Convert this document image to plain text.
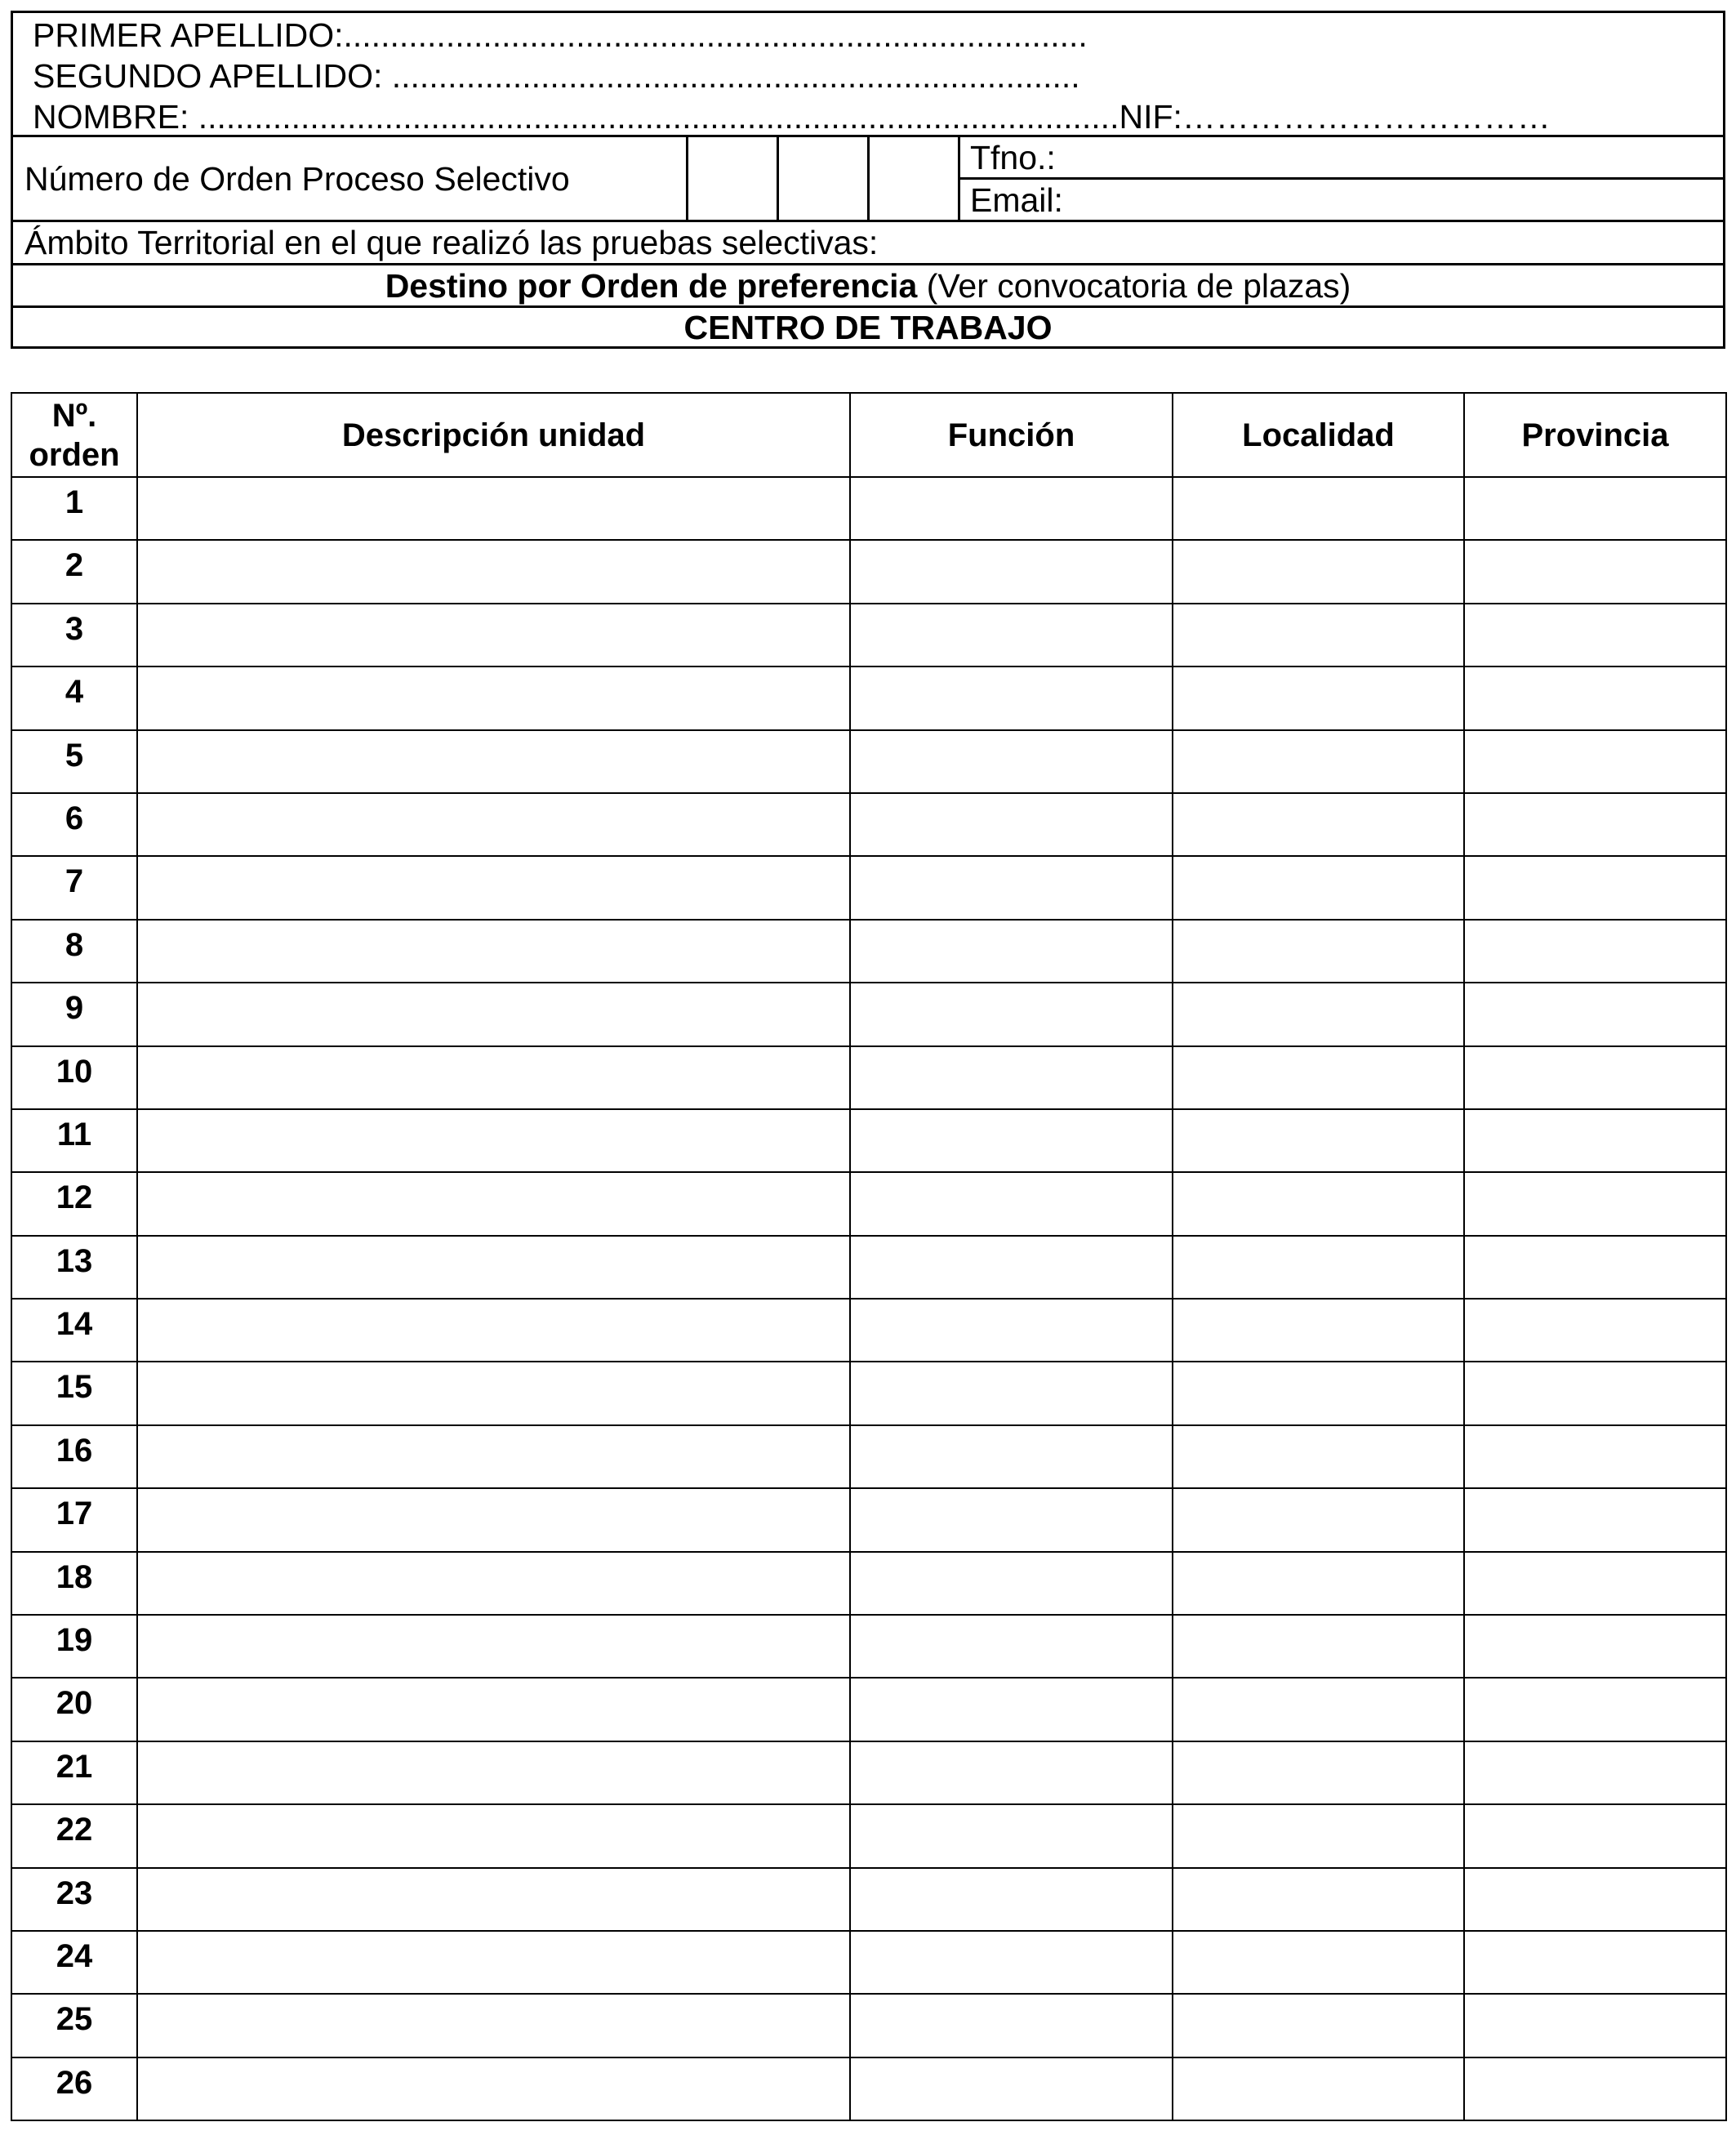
PRIMER APELLIDO:................................................................................
SEGUNDO APELLIDO: ..........................................................................
NOMBRE: ...................................................................................................NIF:……………………………
Número de Orden Proceso Selectivo
Tfno.:
Email:
Ámbito Territorial en el que realizó las pruebas selectivas:
Destino por Orden de preferencia (Ver convocatoria de plazas)
CENTRO DE TRABAJO
Nº.
orden	Descripción unidad	Función	Localidad	Provincia
1				
2				
3				
4				
5				
6				
7				
8				
9				
10				
11				
12				
13				
14				
15				
16				
17				
18				
19				
20				
21				
22				
23				
24				
25				
26				
